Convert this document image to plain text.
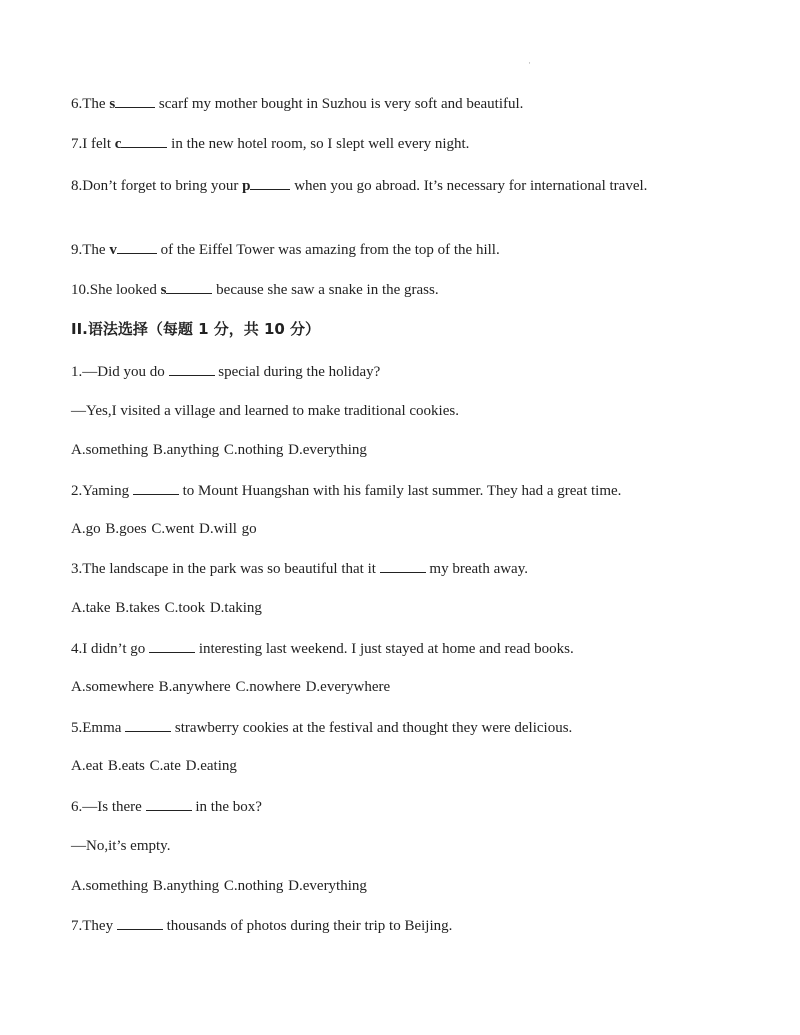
·
6.The s	scarf my mother bought in Suzhou is very soft and beautiful.
7.I felt c	in the new hotel room, so I slept well every night.
8.Don’t forget to bring your p	when you go abroad. It’s necessary for international travel.
9.The v	of the Eiffel Tower was amazing from the top of the hill.
10.She looked s	because she saw a snake in the grass.
II.语法选择（每题 1 分，共 10 分）
1.—Did you do	special during the holiday?
—Yes,I visited a village and learned to make traditional cookies.
A.something B.anything C.nothing D.everything
2.Yaming	to Mount Huangshan with his family last summer. They had a great time.
A.go B.goes C.went D.will go
3.The landscape in the park was so beautiful that it	my breath away.
A.take B.takes C.took D.taking
4.I didn’t go	interesting last weekend. I just stayed at home and read books.
A.somewhere B.anywhere C.nowhere D.everywhere
5.Emma	strawberry cookies at the festival and thought they were delicious.
A.eat B.eats C.ate D.eating
6.—Is there	in the box?
—No,it’s empty.
A.something B.anything C.nothing D.everything
7.They	thousands of photos during their trip to Beijing.
